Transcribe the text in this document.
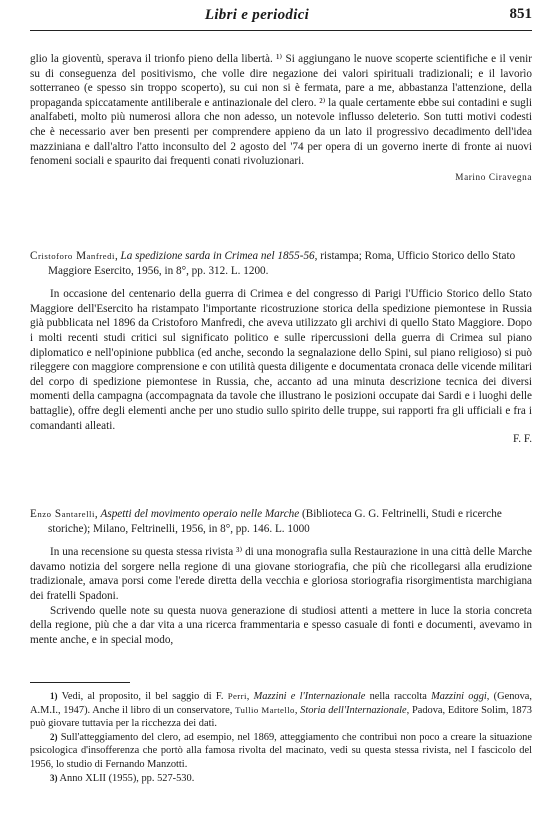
Libri e periodici	851

glio la gioventù, sperava il trionfo pieno della libertà. ¹⁾ Si aggiungano le nuove scoperte scientifiche e il venir su di conseguenza del positivismo, che volle dire negazione dei valori spirituali tradizionali; e il lavorìo sotterraneo (e spesso sin troppo scoperto), su cui non si è fermata, pare a me, abbastanza l'attenzione, della propaganda spiccatamente antiliberale e antinazionale del clero. ²⁾ la quale certamente ebbe sui contadini e sugli analfabeti, molto più numerosi allora che non adesso, un notevole influsso deleterio. Son tutti motivi codesti che è necessario aver ben presenti per comprendere appieno da un lato il progressivo decadimento dell'idea mazziniana e dall'altro l'atto inconsulto del 2 agosto del '74 per opera di un governo inerte di fronte ai nuovi fenomeni sociali e spaurito dai frequenti conati rivoluzionari.

Marino Ciravegna

Cristoforo Manfredi, La spedizione sarda in Crimea nel 1855-56, ristampa; Roma, Ufficio Storico dello Stato Maggiore Esercito, 1956, in 8°, pp. 312. L. 1200.

In occasione del centenario della guerra di Crimea e del congresso di Parigi l'Ufficio Storico dello Stato Maggiore dell'Esercito ha ristampato l'importante ricostruzione storica della spedizione piemontese in Russia già pubblicata nel 1896 da Cristoforo Manfredi, che aveva utilizzato gli archivi di quello Stato Maggiore. Dopo i molti recenti studi critici sul significato politico e sulle ripercussioni della guerra di Crimea sul piano diplomatico e nell'opinione pubblica (ed anche, secondo la segnalazione dello Spini, sul piano religioso) si può rileggere con maggiore comprensione e con utilità questa diligente e documentata cronaca delle vicende militari del corpo di spedizione piemontese in Russia, che, accanto ad una minuta descrizione tecnica dei diversi momenti della campagna (accompagnata da tavole che illustrano le posizioni occupate dai Sardi e i luoghi delle battaglie), offre degli elementi anche per uno studio sullo spirito delle truppe, sui rapporti fra gli ufficiali e fra i comandanti alleati.

F. F.

Enzo Santarelli, Aspetti del movimento operaio nelle Marche (Biblioteca G. G. Feltrinelli, Studi e ricerche storiche); Milano, Feltrinelli, 1956, in 8°, pp. 146. L. 1000

In una recensione su questa stessa rivista ³⁾ di una monografia sulla Restaurazione in una città delle Marche davamo notizia del sorgere nella regione di una giovane storiografia, che più che ricollegarsi alla erudizione tradizionale, amava porsi come l'erede diretta della vecchia e gloriosa storiografia risorgimentista marchigiana dei fratelli Spadoni.

Scrivendo quelle note su questa nuova generazione di studiosi attenti a mettere in luce la storia concreta della regione, più che a dar vita a una ricerca frammentaria e spesso casuale di fonti e documenti, avevamo in mente anche, e in special modo,

1) Vedi, al proposito, il bel saggio di F. Perri, Mazzini e l'Internazionale nella raccolta Mazzini oggi, (Genova, A.M.I., 1947). Anche il libro di un conservatore, Tullio Martello, Storia dell'Internazionale, Padova, Editore Solim, 1873 può giovare tuttavia per la ricchezza dei dati.

2) Sull'atteggiamento del clero, ad esempio, nel 1869, atteggiamento che contribuì non poco a creare la situazione psicologica d'insofferenza che portò alla famosa rivolta del macinato, vedi su questa stessa rivista, nel I fascicolo del 1956, lo studio di Fernando Manzotti.

3) Anno XLII (1955), pp. 527-530.
